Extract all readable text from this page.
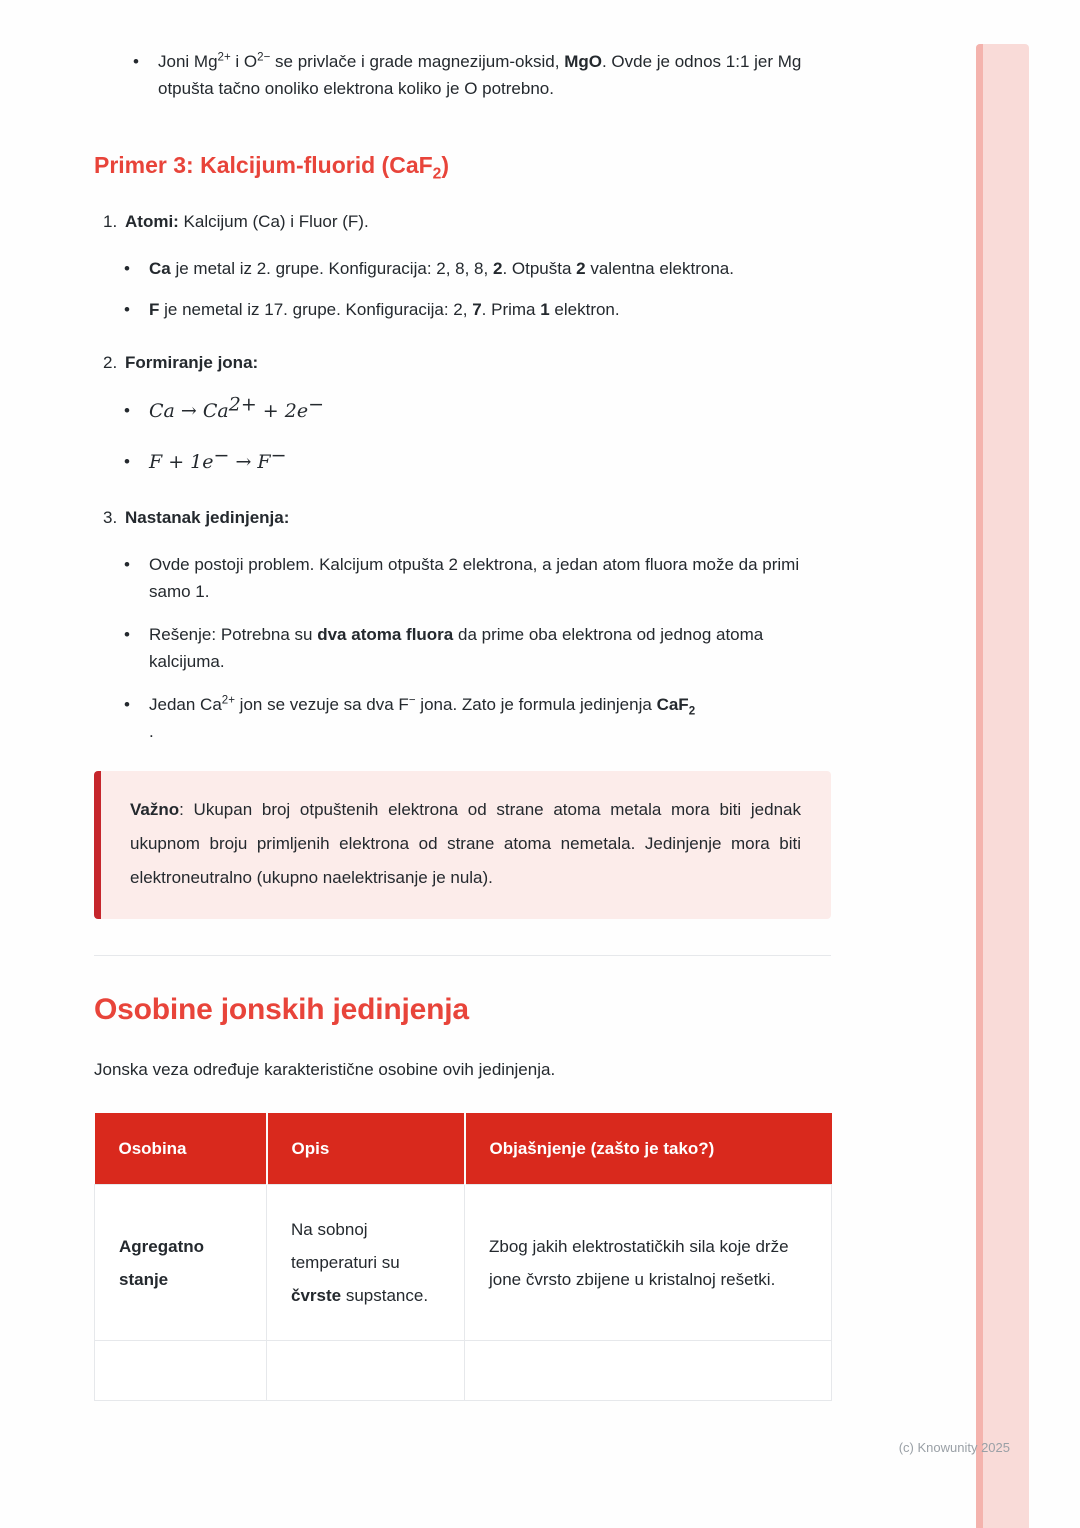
•	Joni $Mg^{2+}$ i $O^{2-}$ se privlače i grade magnezijum-oksid, MgO. Ovde je odnos 1:1 jer Mg otpušta tačno onoliko elektrona koliko je O potrebno.
Primer 3: Kalcijum-fluorid (CaF$_2$)
1. Atomi: Kalcijum (Ca) i Fluor (F).
•	Ca je metal iz 2. grupe. Konfiguracija: 2, 8, 8, 2. Otpušta 2 valentna elektrona.
•	F je nemetal iz 17. grupe. Konfiguracija: 2, 7. Prima 1 elektron.
2. Formiranje jona:
•	$Ca \to Ca^{2+} + 2e^-$
•	F + 1e− → F−
3. Nastanak jedinjenja:
•	Ovde postoji problem. Kalcijum otpušta 2 elektrona, a jedan atom fluora može da primi samo 1.
•	Rešenje: Potrebna su dva atoma fluora da prime oba elektrona od jednog atoma kalcijuma.
•	Jedan $Ca^{2+}$ jon se vezuje sa dva F− jona. Zato je formula jedinjenja CaF$_2$
.

Važno: Ukupan broj otpuštenih elektrona od strane atoma metala mora biti jednak ukupnom broju primljenih elektrona od strane atoma nemetala. Jedinjenje mora biti elektroneutralno (ukupno naelektrisanje je nula).

Osobine jonskih jedinjenja

Jonska veza određuje karakteristične osobine ovih jedinjenja.

Osobina	Opis	Objašnjenje (zašto je tako?)
Agregatno stanje	Na sobnoj temperaturi su čvrste supstance.	Zbog jakih elektrostatičkih sila koje drže jone čvrsto zbijene u kristalnoj rešetki.

(c) Knowunity 2025
